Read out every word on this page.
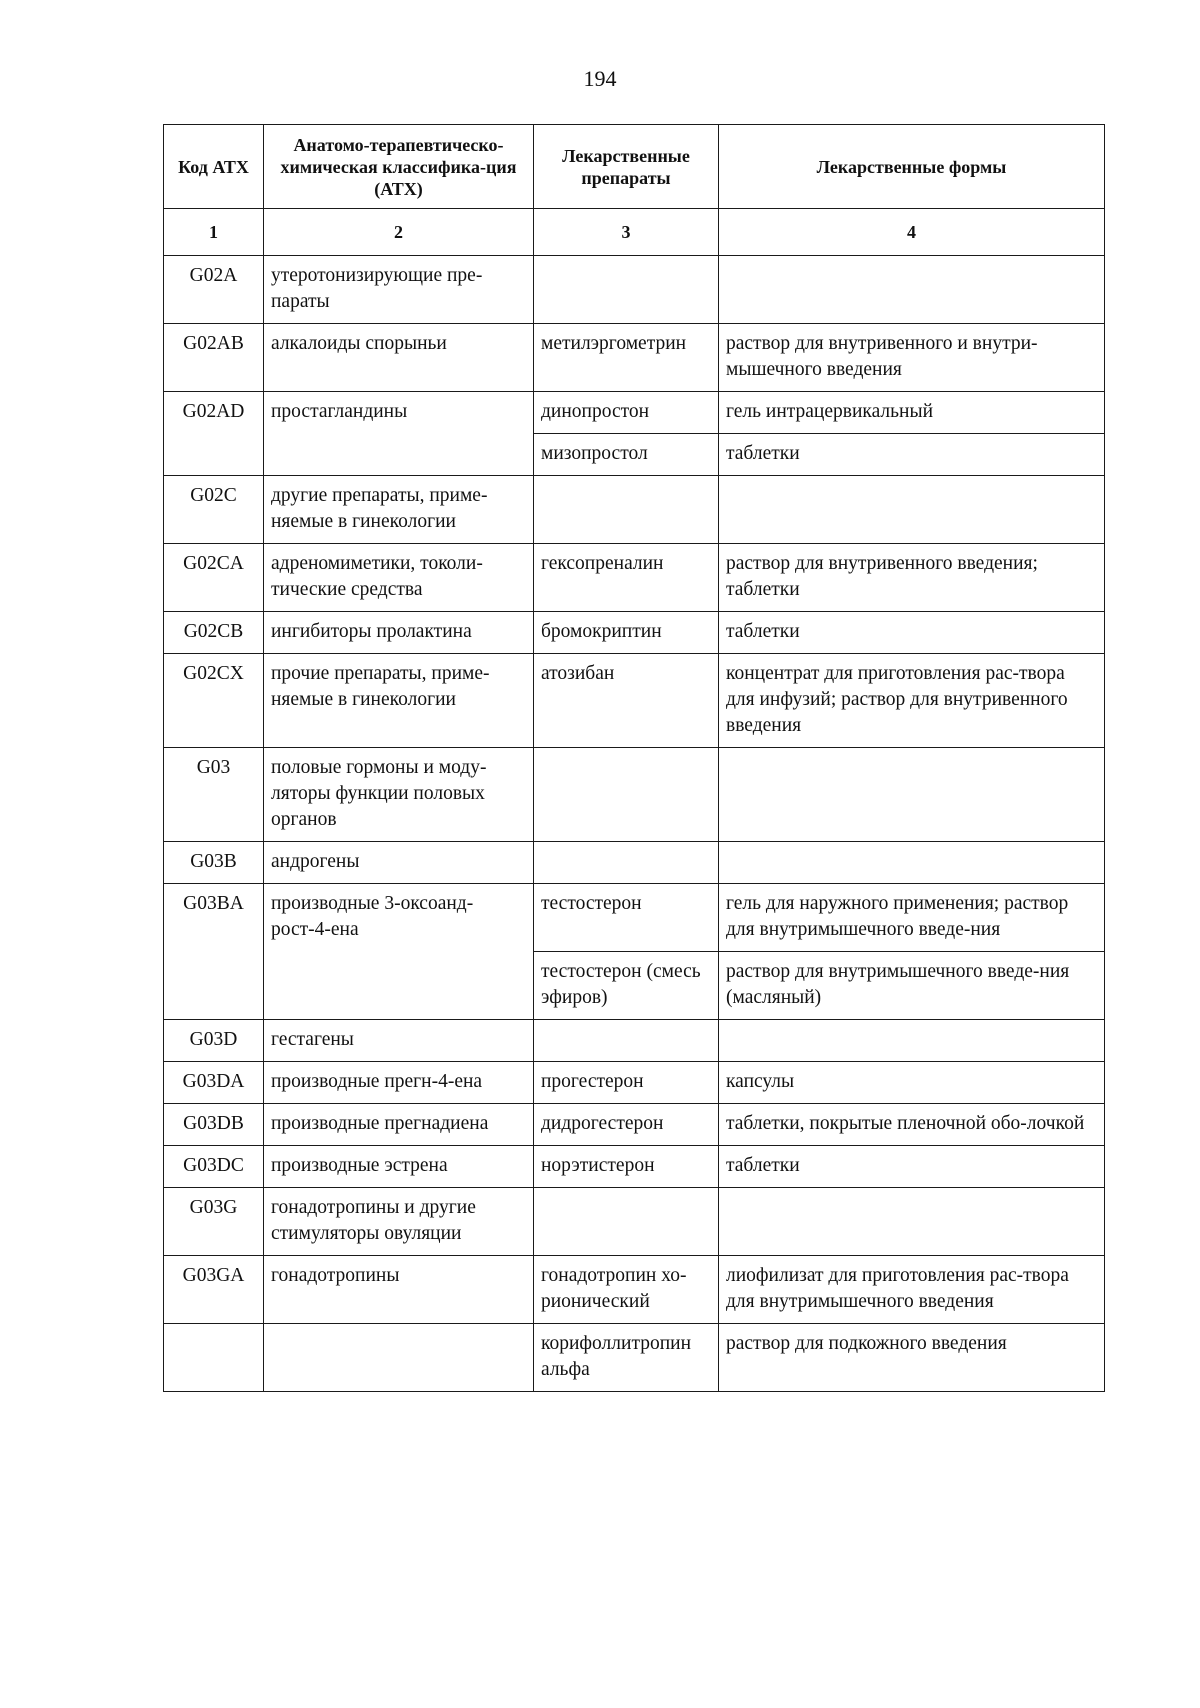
194
Код АТХ	Анатомо-терапевтическо-химическая классифика-ция (АТХ)	Лекарственные препараты	Лекарственные формы
1	2	3	4
G02A	утеротонизирующие пре-параты		
G02AB	алкалоиды спорыньи	метилэргометрин	раствор для внутривенного и внутри-мышечного введения
G02AD	простагландины	динопростон	гель интрацервикальный
		мизопростол	таблетки
G02C	другие препараты, приме-няемые в гинекологии		
G02CA	адреномиметики, токоли-тические средства	гексопреналин	раствор для внутривенного введения; таблетки
G02CB	ингибиторы пролактина	бромокриптин	таблетки
G02CX	прочие препараты, приме-няемые в гинекологии	атозибан	концентрат для приготовления рас-твора для инфузий; раствор для внутривенного введения
G03	половые гормоны и моду-ляторы функции половых органов		
G03B	андрогены		
G03BA	производные 3-оксоанд-рост-4-ена	тестостерон	гель для наружного применения; раствор для внутримышечного введе-ния
		тестостерон (смесь эфиров)	раствор для внутримышечного введе-ния (масляный)
G03D	гестагены		
G03DA	производные прегн-4-ена	прогестерон	капсулы
G03DB	производные прегнадиена	дидрогестерон	таблетки, покрытые пленочной обо-лочкой
G03DC	производные эстрена	норэтистерон	таблетки
G03G	гонадотропины и другие стимуляторы овуляции		
G03GA	гонадотропины	гонадотропин хо-рионический	лиофилизат для приготовления рас-твора для внутримышечного введения
		корифоллитропин альфа	раствор для подкожного введения
